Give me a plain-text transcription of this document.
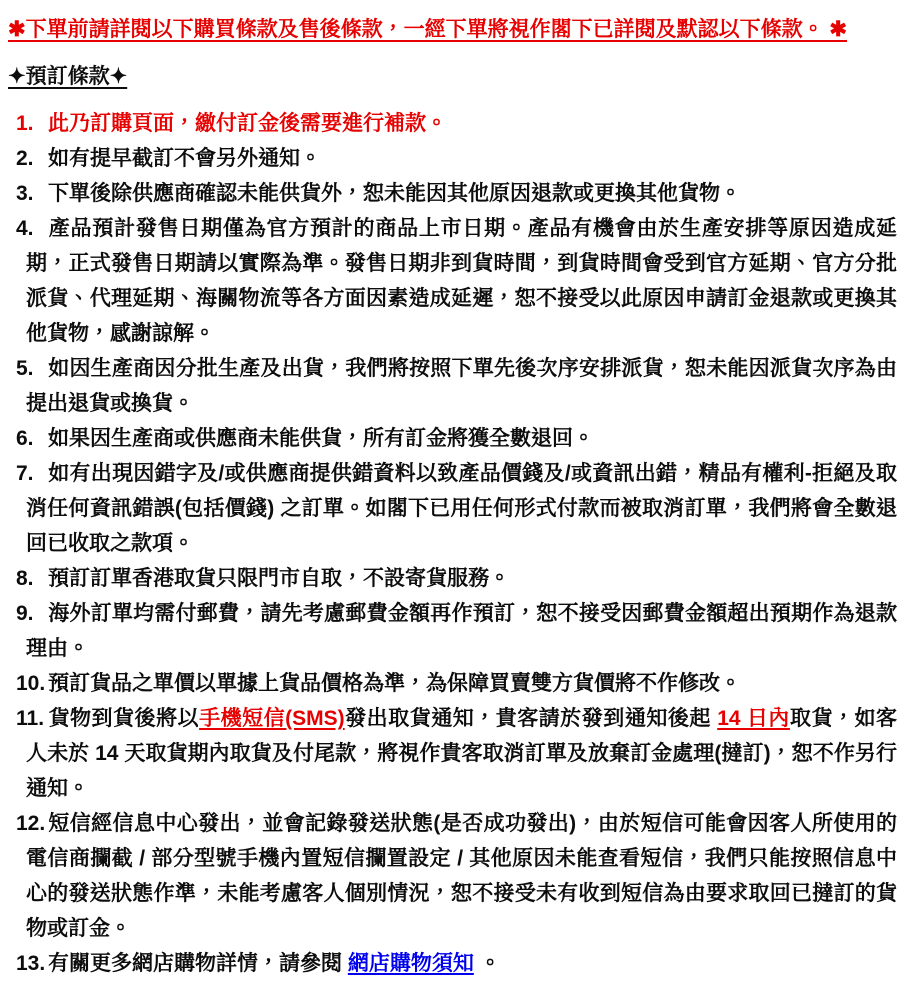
✱下單前請詳閱以下購買條款及售後條款，一經下單將視作閣下已詳閱及默認以下條款。 ✱
✦預訂條款✦
1. 此乃訂購頁面，繳付訂金後需要進行補款。
2. 如有提早截訂不會另外通知。
3. 下單後除供應商確認未能供貨外，恕未能因其他原因退款或更換其他貨物。
4. 產品預計發售日期僅為官方預計的商品上市日期。產品有機會由於生產安排等原因造成延期，正式發售日期請以實際為準。發售日期非到貨時間，到貨時間會受到官方延期、官方分批派貨、代理延期、海關物流等各方面因素造成延遲，恕不接受以此原因申請訂金退款或更換其他貨物，感謝諒解。
5. 如因生產商因分批生產及出貨，我們將按照下單先後次序安排派貨，恕未能因派貨次序為由提出退貨或換貨。
6. 如果因生產商或供應商未能供貨，所有訂金將獲全數退回。
7. 如有出現因錯字及/或供應商提供錯資料以致產品價錢及/或資訊出錯，精品有權利-拒絕及取消任何資訊錯誤(包括價錢) 之訂單。如閣下已用任何形式付款而被取消訂單，我們將會全數退回已收取之款項。
8. 預訂訂單香港取貨只限門市自取，不設寄貨服務。
9. 海外訂單均需付郵費，請先考慮郵費金額再作預訂，恕不接受因郵費金額超出預期作為退款理由。
10. 預訂貨品之單價以單據上貨品價格為準，為保障買賣雙方貨價將不作修改。
11. 貨物到貨後將以手機短信(SMS)發出取貨通知，貴客請於發到通知後起 14 日內取貨，如客人未於 14 天取貨期內取貨及付尾款，將視作貴客取消訂單及放棄訂金處理(撻訂)，恕不作另行通知。
12. 短信經信息中心發出，並會記錄發送狀態(是否成功發出)，由於短信可能會因客人所使用的電信商攔截 / 部分型號手機內置短信攔置設定 / 其他原因未能查看短信，我們只能按照信息中心的發送狀態作準，未能考慮客人個別情況，恕不接受未有收到短信為由要求取回已撻訂的貨物或訂金。
13. 有關更多網店購物詳情，請參閱 網店購物須知 。
